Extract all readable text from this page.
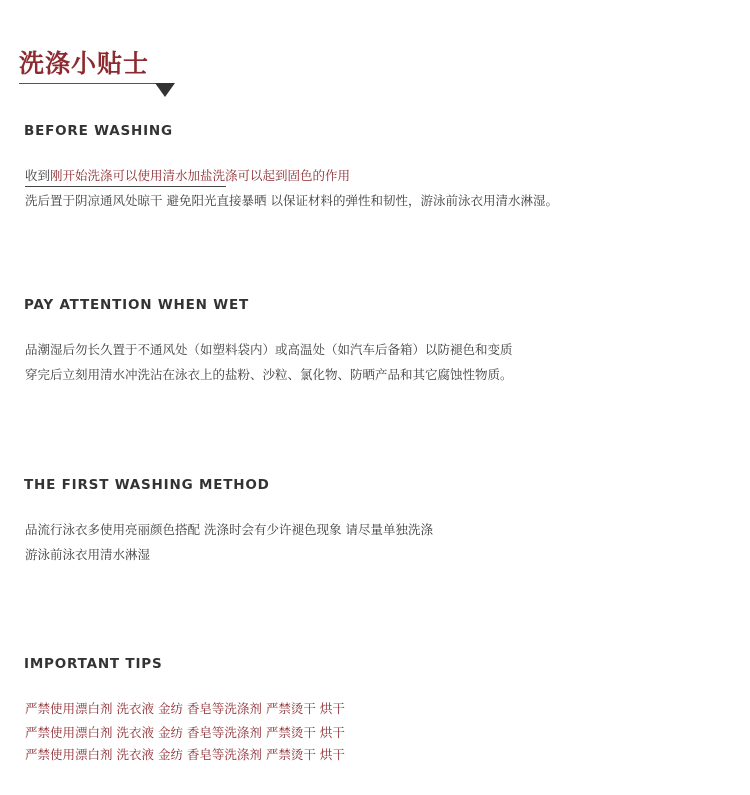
洗涤小贴士
BEFORE WASHING
收到刚开始洗涤可以使用清水加盐洗涤可以起到固色的作用
洗后置于阴凉通风处晾干 避免阳光直接暴晒 以保证材料的弹性和韧性，游泳前泳衣用清水淋湿。
PAY ATTENTION WHEN WET
品潮湿后勿长久置于不通风处（如塑料袋内）或高温处（如汽车后备箱）以防褪色和变质
穿完后立刻用清水冲洗沾在泳衣上的盐粉、沙粒、氯化物、防晒产品和其它腐蚀性物质。
THE FIRST WASHING METHOD
品流行泳衣多使用亮丽颜色搭配 洗涤时会有少许褪色现象 请尽量单独洗涤
游泳前泳衣用清水淋湿
IMPORTANT TIPS
严禁使用漂白剂 洗衣液 金纺 香皂等洗涤剂 严禁烫干 烘干
严禁使用漂白剂 洗衣液 金纺 香皂等洗涤剂 严禁烫干 烘干
严禁使用漂白剂 洗衣液 金纺 香皂等洗涤剂 严禁烫干 烘干
